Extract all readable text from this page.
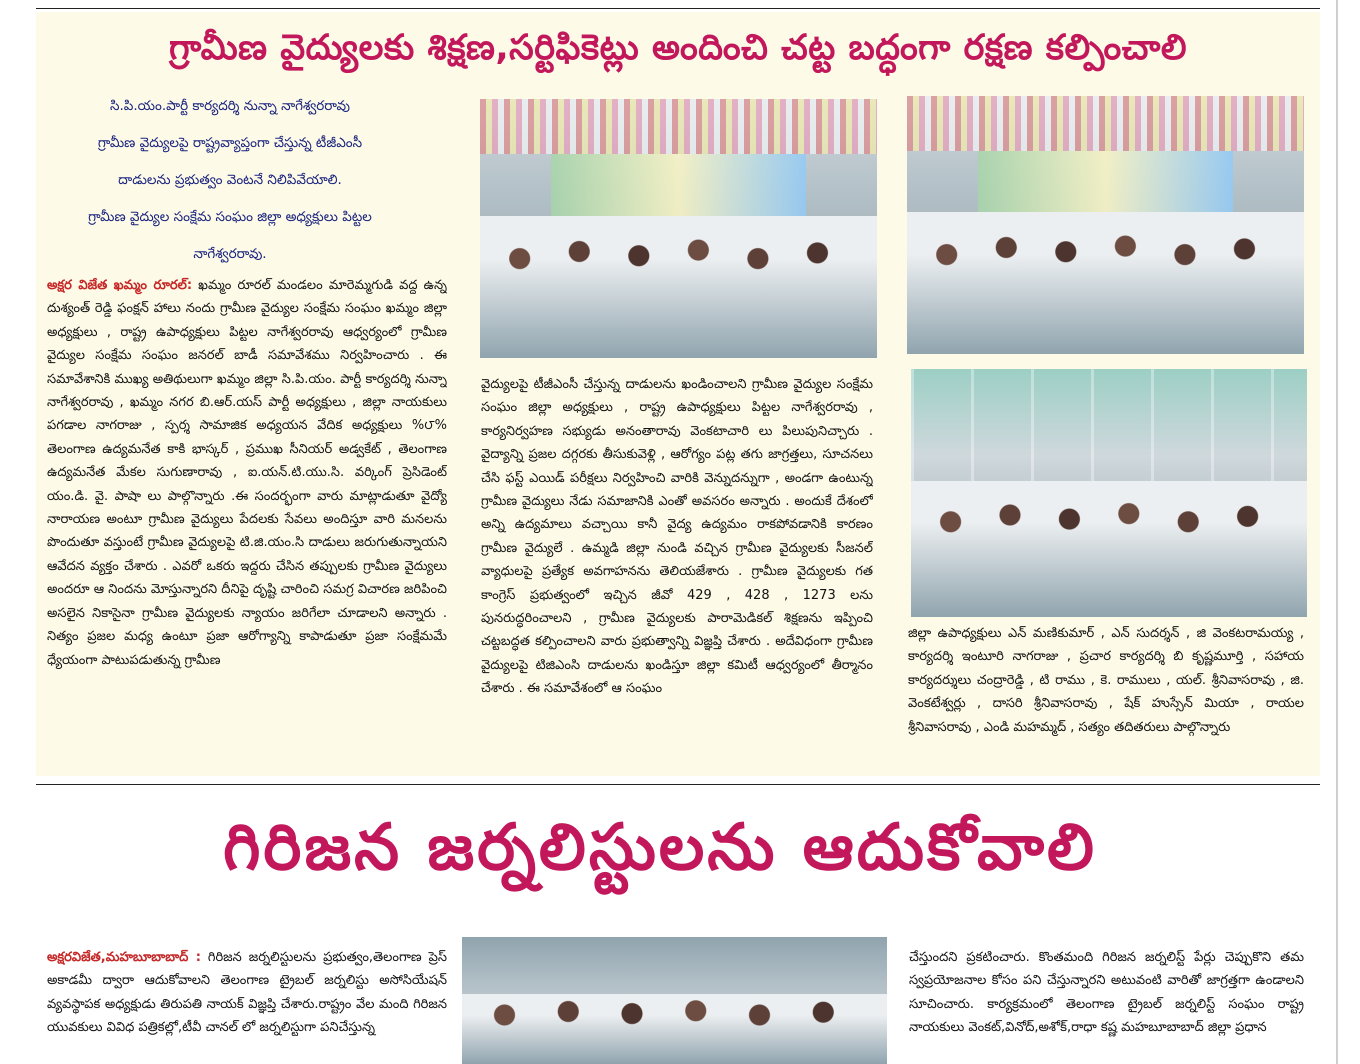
గ్రామీణ వైద్యులకు శిక్షణ,సర్టిఫికెట్లు అందించి చట్ట బద్ధంగా రక్షణ కల్పించాలి
సి.పి.యం.పార్టీ కార్యదర్శి నున్నా నాగేశ్వరరావు
గ్రామీణ వైద్యులపై రాష్ట్రవ్యాప్తంగా చేస్తున్న టీజీఎంసీ
దాడులను ప్రభుత్వం వెంటనే నిలిపివేయాలి.
గ్రామీణ వైద్యుల సంక్షేమ సంఘం జిల్లా అధ్యక్షులు పిట్టల
నాగేశ్వరరావు.

అక్షర విజేత ఖమ్మం రూరల్: ఖమ్మం రూరల్ మండలం మారెమ్మగుడి వద్ద ఉన్న దుశ్యంత్ రెడ్డి ఫంక్షన్ హాలు నందు గ్రామీణ వైద్యుల సంక్షేమ సంఘం ఖమ్మం జిల్లా అధ్యక్షులు , రాష్ట్ర ఉపాధ్యక్షులు పిట్టల నాగేశ్వరరావు ఆధ్వర్యంలో గ్రామీణ వైద్యుల సంక్షేమ సంఘం జనరల్ బాడీ సమావేశము నిర్వహించారు . ఈ సమావేశానికి ముఖ్య అతిథులుగా ఖమ్మం జిల్లా సి.పి.యం. పార్టీ కార్యదర్శి నున్నా నాగేశ్వరరావు , ఖమ్మం నగర బి.ఆర్.యస్ పార్టీ అధ్యక్షులు , జిల్లా నాయకులు పగడాల నాగరాజు , స్పర్శ సామాజిక అధ్యయన వేదిక అధ్యక్షులు %౮% తెలంగాణ ఉద్యమనేత కాకి భాస్కర్ , ప్రముఖ సీనియర్ అడ్వకేట్ , తెలంగాణ ఉద్యమనేత మేకల సుగుణారావు , ఐ.యన్.టి.యు.సి. వర్కింగ్ ప్రెసిడెంట్ యం.డి. వై. పాషా లు పాల్గొన్నారు .ఈ సందర్భంగా వారు మాట్లాడుతూ వైద్యో నారాయణ అంటూ గ్రామీణ వైద్యులు పేదలకు సేవలు అందిస్తూ వారి మనలను పొందుతూ వస్తుంటే గ్రామీణ వైద్యులపై టి.జి.యం.సి దాడులు జరుగుతున్నాయని ఆవేదన వ్యక్తం చేశారు . ఎవరో ఒకరు ఇద్దరు చేసిన తప్పులకు గ్రామీణ వైద్యులు అందరూ ఆ నిందను మోస్తున్నారని దీనిపై దృష్టి చారించి సమగ్ర విచారణ జరిపించి అసలైన నికాసైనా గ్రామీణ వైద్యులకు న్యాయం జరిగేలా చూడాలని అన్నారు . నిత్యం ప్రజల మధ్య ఉంటూ ప్రజా ఆరోగ్యాన్ని కాపాడుతూ ప్రజా సంక్షేమమే ధ్యేయంగా పాటుపడుతున్న గ్రామీణ

వైద్యులపై టీజీఎంసీ చేస్తున్న దాడులను ఖండించాలని గ్రామీణ వైద్యుల సంక్షేమ సంఘం జిల్లా అధ్యక్షులు , రాష్ట్ర ఉపాధ్యక్షులు పిట్టల నాగేశ్వరరావు , కార్యనిర్వహణ సభ్యుడు అనంతారావు వెంకటాచారి లు పిలుపునిచ్చారు . వైద్యాన్ని ప్రజల దగ్గరకు తీసుకువెళ్లి , ఆరోగ్యం పట్ల తగు జాగ్రత్తలు, సూచనలు చేసి ఫస్ట్ ఎయిడ్ పరీక్షలు నిర్వహించి వారికి వెన్నుదన్నుగా , అండగా ఉంటున్న గ్రామీణ వైద్యులు నేడు సమాజానికి ఎంతో అవసరం అన్నారు . అందుకే దేశంలో అన్ని ఉద్యమాలు వచ్చాయి కానీ వైద్య ఉద్యమం రాకపోవడానికి కారణం గ్రామీణ వైద్యులే . ఉమ్మడి జిల్లా నుండి వచ్చిన గ్రామీణ వైద్యులకు సీజనల్ వ్యాధులపై ప్రత్యేక అవగాహనను తెలియజేశారు . గ్రామీణ వైద్యులకు గత కాంగ్రెస్ ప్రభుత్వంలో ఇచ్చిన జీవో 429 , 428 , 1273 లను పునరుద్ధరించాలని , గ్రామీణ వైద్యులకు పారామెడికల్ శిక్షణను ఇప్పించి చట్టబద్ధత కల్పించాలని వారు ప్రభుత్వాన్ని విజ్ఞప్తి చేశారు . అదేవిధంగా గ్రామీణ వైద్యులపై టిజిఎంసి దాడులను ఖండిస్తూ జిల్లా కమిటీ ఆధ్వర్యంలో తీర్మానం చేశారు . ఈ సమావేశంలో ఆ సంఘం

జిల్లా ఉపాధ్యక్షులు ఎన్ మణికుమార్ , ఎన్ సుదర్శన్ , జి వెంకటరామయ్య , కార్యదర్శి ఇంటూరి నాగరాజు , ప్రచార కార్యదర్శి బి కృష్ణమూర్తి , సహాయ కార్యదర్శులు చంద్రారెడ్డి , టి రాము , కె. రాములు , యల్. శ్రీనివాసరావు , జి. వెంకటేశ్వర్లు , దాసరి శ్రీనివాసరావు , షేక్ హుస్సేన్ మియా , రాయల శ్రీనివాసరావు , ఎండి మహమ్మద్ , సత్యం తదితరులు పాల్గొన్నారు

గిరిజన జర్నలిస్టులను ఆదుకోవాలి

అక్షరవిజేత,మహబూబాబాద్ : గిరిజన జర్నలిస్టులను ప్రభుత్వం,తెలంగాణ ప్రెస్ అకాడమీ ద్వారా ఆదుకోవాలని తెలంగాణ ట్రైబల్ జర్నలిస్టు అసోసియేషన్ వ్యవస్థాపక అధ్యక్షుడు తిరుపతి నాయక్ విజ్ఞప్తి చేశారు.రాష్ట్రం వేల మంది గిరిజన యువకులు వివిధ పత్రికల్లో,టీవీ చానల్ లో జర్నలిస్టుగా పనిచేస్తున్న

చేస్తుందని ప్రకటించారు. కొంతమంది గిరిజన జర్నలిస్ట్ పేర్లు చెప్పుకొని తమ స్వప్రయోజనాల కోసం పని చేస్తున్నారని అటువంటి వారితో జాగ్రత్తగా ఉండాలని సూచించారు. కార్యక్రమంలో తెలంగాణ ట్రైబల్ జర్నలిస్ట్ సంఘం రాష్ట్ర నాయకులు వెంకట్,వినోద్,అశోక్,రాధా కష్ణ మహబూబాబాద్ జిల్లా ప్రధాన
